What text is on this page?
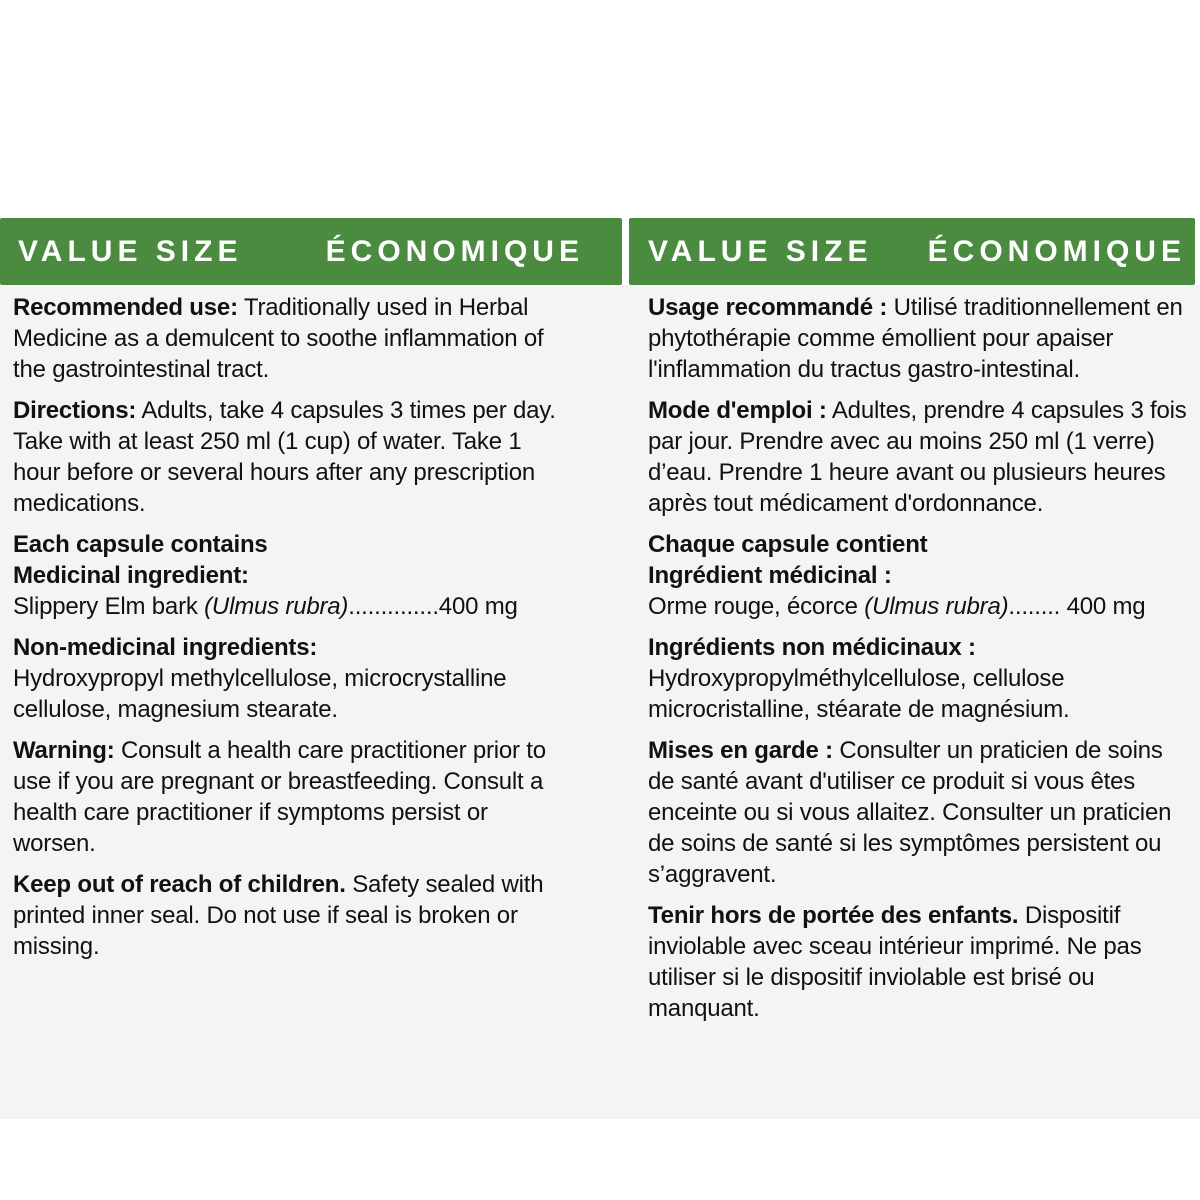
VALUE SIZE	ÉCONOMIQUE VALUE SIZE ÉCONOMIQUE

Recommended use: Traditionally used in Herbal Medicine as a demulcent to soothe inflammation of the gastrointestinal tract.

Directions: Adults, take 4 capsules 3 times per day. Take with at least 250 ml (1 cup) of water. Take 1 hour before or several hours after any prescription medications.

Each capsule contains
Medicinal ingredient:
Slippery Elm bark (Ulmus rubra)..............400 mg
Non-medicinal ingredients:
Hydroxypropyl methylcellulose, microcrystalline cellulose, magnesium stearate.

Warning: Consult a health care practitioner prior to use if you are pregnant or breastfeeding. Consult a health care practitioner if symptoms persist or worsen.

Keep out of reach of children. Safety sealed with printed inner seal. Do not use if seal is broken or missing.

Usage recommandé : Utilisé traditionnellement en phytothérapie comme émollient pour apaiser l'inflammation du tractus gastro-intestinal.

Mode d'emploi : Adultes, prendre 4 capsules 3 fois par jour. Prendre avec au moins 250 ml (1 verre) d’eau. Prendre 1 heure avant ou plusieurs heures après tout médicament d'ordonnance.

Chaque capsule contient
Ingrédient médicinal :
Orme rouge, écorce (Ulmus rubra)........ 400 mg
Ingrédients non médicinaux :
Hydroxypropylméthylcellulose, cellulose microcristalline, stéarate de magnésium.

Mises en garde : Consulter un praticien de soins de santé avant d'utiliser ce produit si vous êtes enceinte ou si vous allaitez. Consulter un praticien de soins de santé si les symptômes persistent ou s’aggravent.

Tenir hors de portée des enfants. Dispositif inviolable avec sceau intérieur imprimé. Ne pas utiliser si le dispositif inviolable est brisé ou manquant.
